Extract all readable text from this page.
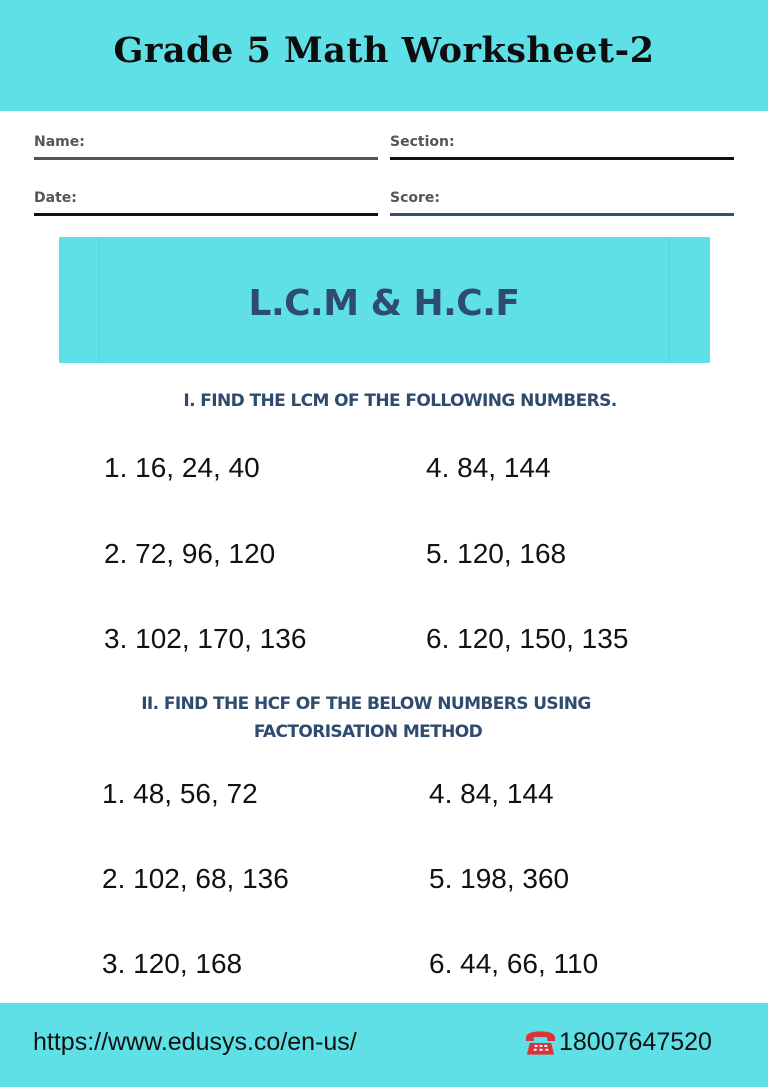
Grade 5 Math Worksheet-2
Name:	Section:
Date:	Score:
L.C.M & H.C.F
I. FIND THE LCM OF THE FOLLOWING NUMBERS.
1. 16, 24, 40
2. 72, 96, 120
3. 102, 170, 136
4. 84, 144
5. 120, 168
6. 120, 150, 135
II. FIND THE HCF OF THE BELOW NUMBERS USING
FACTORISATION METHOD
1. 48, 56, 72
2. 102, 68, 136
3. 120, 168
4. 84, 144
5. 198, 360
6. 44, 66, 110
https://www.edusys.co/en-us/	18007647520
